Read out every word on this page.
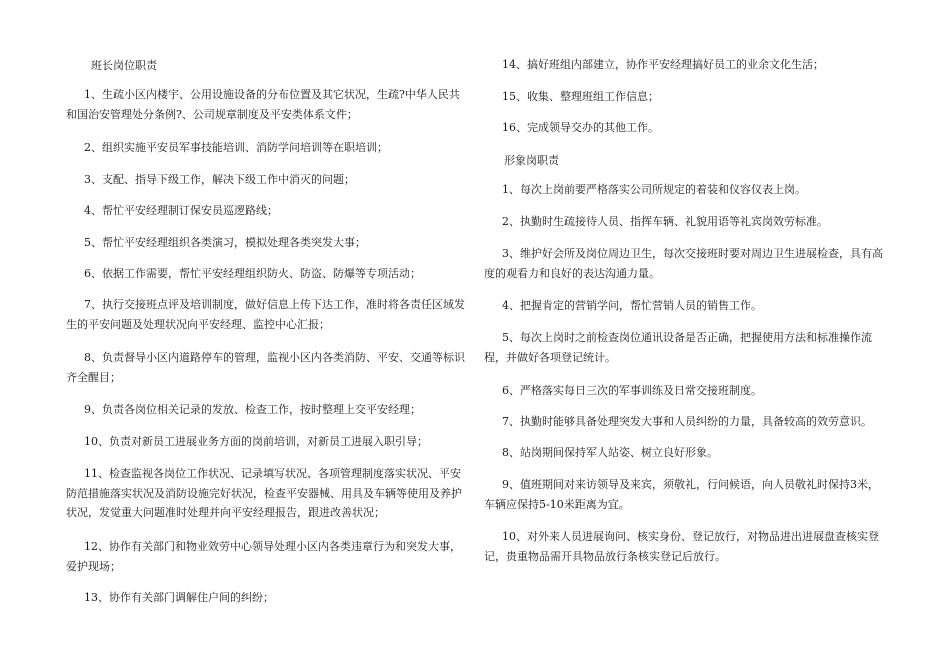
班长岗位职责
1、生疏小区内楼宇、公用设施设备的分布位置及其它状况，生疏?中华人民共和国治安管理处分条例?、公司规章制度及平安类体系文件；
2、组织实施平安员军事技能培训、消防学问培训等在职培训；
3、支配、指导下级工作，解决下级工作中消灭的问题；
4、帮忙平安经理制订保安员巡逻路线；
5、帮忙平安经理组织各类演习，模拟处理各类突发大事；
6、依据工作需要，帮忙平安经理组织防火、防盗、防爆等专项活动；
7、执行交接班点评及培训制度，做好信息上传下达工作，准时将各责任区域发生的平安问题及处理状况向平安经理、监控中心汇报；
8、负责督导小区内道路停车的管理，监视小区内各类消防、平安、交通等标识齐全醒目；
9、负责各岗位相关记录的发放、检查工作，按时整理上交平安经理；
10、负责对新员工进展业务方面的岗前培训，对新员工进展入职引导；
11、检查监视各岗位工作状况、记录填写状况、各项管理制度落实状况、平安防范措施落实状况及消防设施完好状况，检查平安器械、用具及车辆等使用及养护状况，发觉重大问题准时处理并向平安经理报告，跟进改善状况；
12、协作有关部门和物业效劳中心领导处理小区内各类违章行为和突发大事，爱护现场；
13、协作有关部门调解住户间的纠纷；
14、搞好班组内部建立，协作平安经理搞好员工的业余文化生活；
15、收集、整理班组工作信息；
16、完成领导交办的其他工作。
形象岗职责
1、每次上岗前要严格落实公司所规定的着装和仪容仪表上岗。
2、执勤时生疏接待人员、指挥车辆、礼貌用语等礼宾岗效劳标准。
3、维护好会所及岗位周边卫生，每次交接班时要对周边卫生进展检查，具有高度的观看力和良好的表达沟通力量。
4、把握肯定的营销学问，帮忙营销人员的销售工作。
5、每次上岗时之前检查岗位通讯设备是否正确，把握使用方法和标准操作流程，并做好各项登记统计。
6、严格落实每日三次的军事训练及日常交接班制度。
7、执勤时能够具备处理突发大事和人员纠纷的力量，具备较高的效劳意识。
8、站岗期间保持军人站姿、树立良好形象。
9、值班期间对来访领导及来宾，须敬礼，行问候语，向人员敬礼时保持3米，车辆应保持5-10米距离为宜。
10、对外来人员进展询问、核实身份、登记放行，对物品进出进展盘查核实登记，贵重物品需开具物品放行条核实登记后放行。
